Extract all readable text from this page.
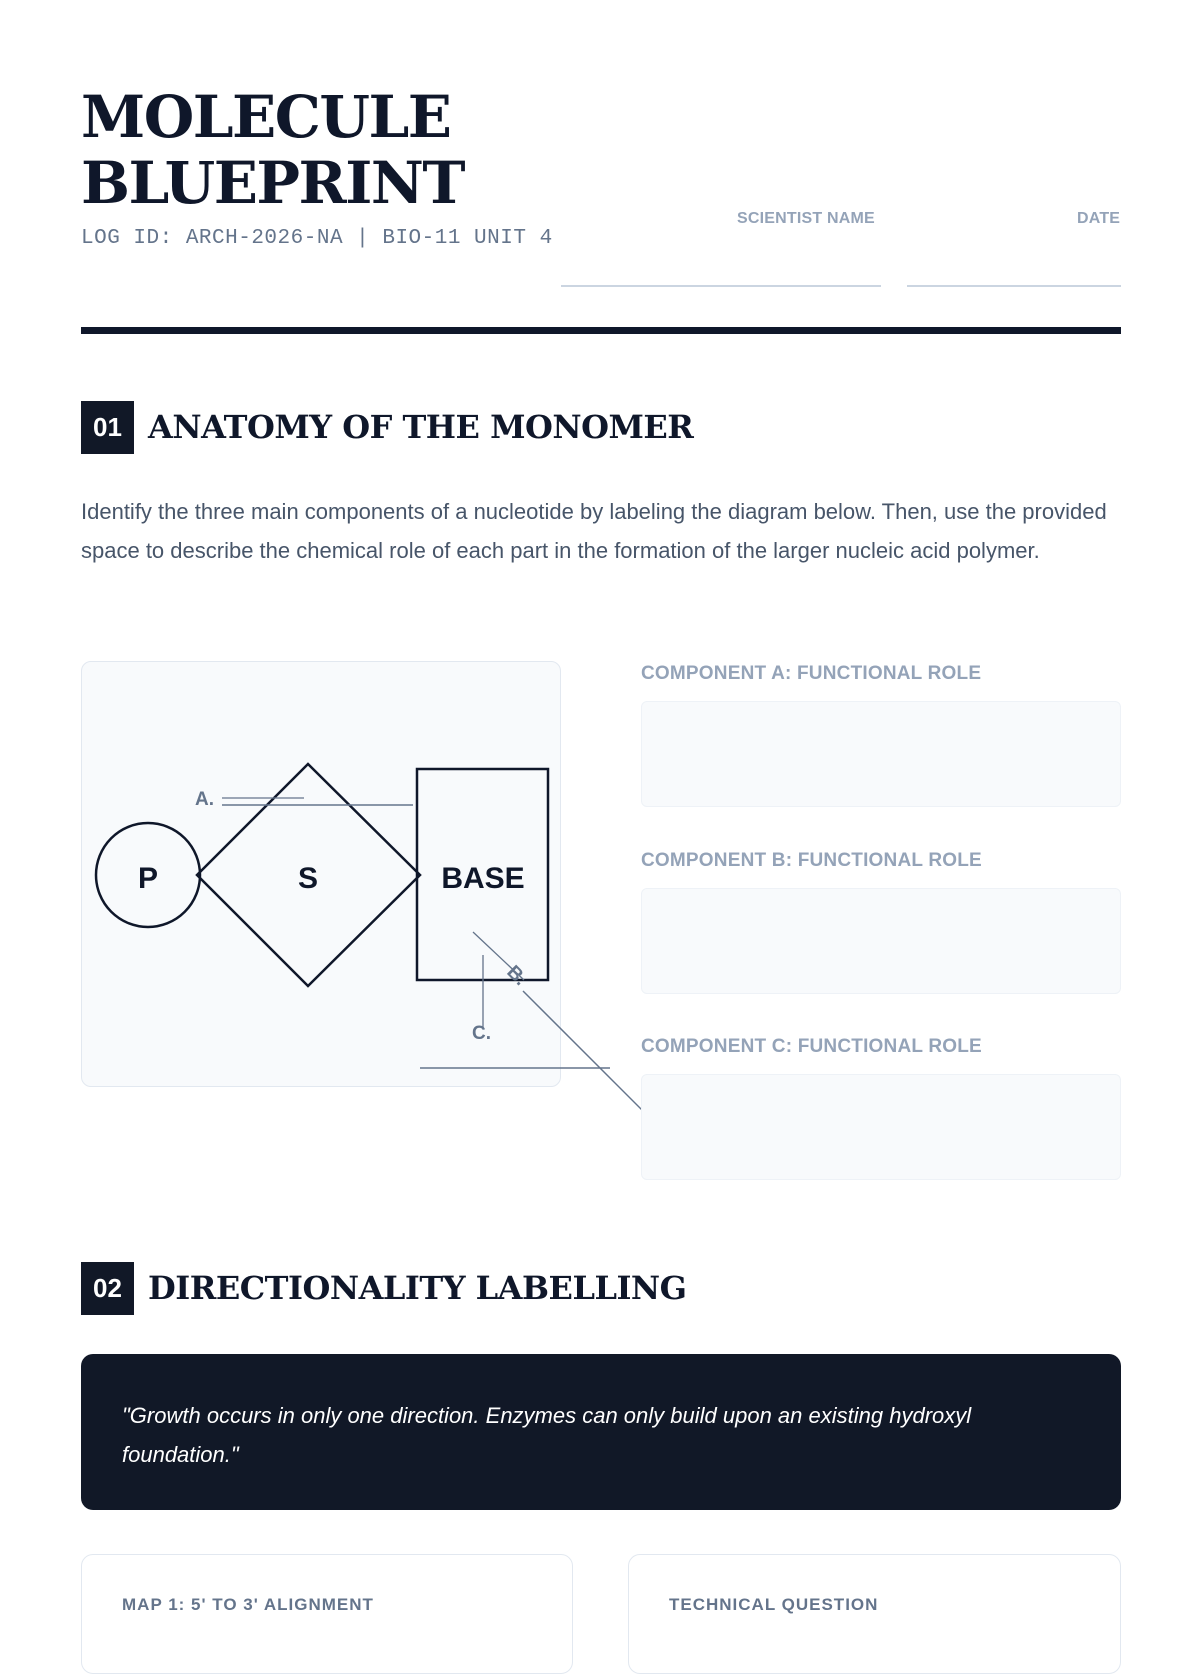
MOLECULE
BLUEPRINT
LOG ID: ARCH-2026-NA | BIO-11 UNIT 4
SCIENTIST NAME	DATE
01 ANATOMY OF THE MONOMER
Identify the three main components of a nucleotide by labeling the diagram below. Then, use the provided space to describe the chemical role of each part in the formation of the larger nucleic acid polymer.
P	S	BASE
A.
B.
C.
COMPONENT A: FUNCTIONAL ROLE
COMPONENT B: FUNCTIONAL ROLE
COMPONENT C: FUNCTIONAL ROLE
02 DIRECTIONALITY LABELLING
"Growth occurs in only one direction. Enzymes can only build upon an existing hydroxyl foundation."
MAP 1: 5' TO 3' ALIGNMENT	TECHNICAL QUESTION
